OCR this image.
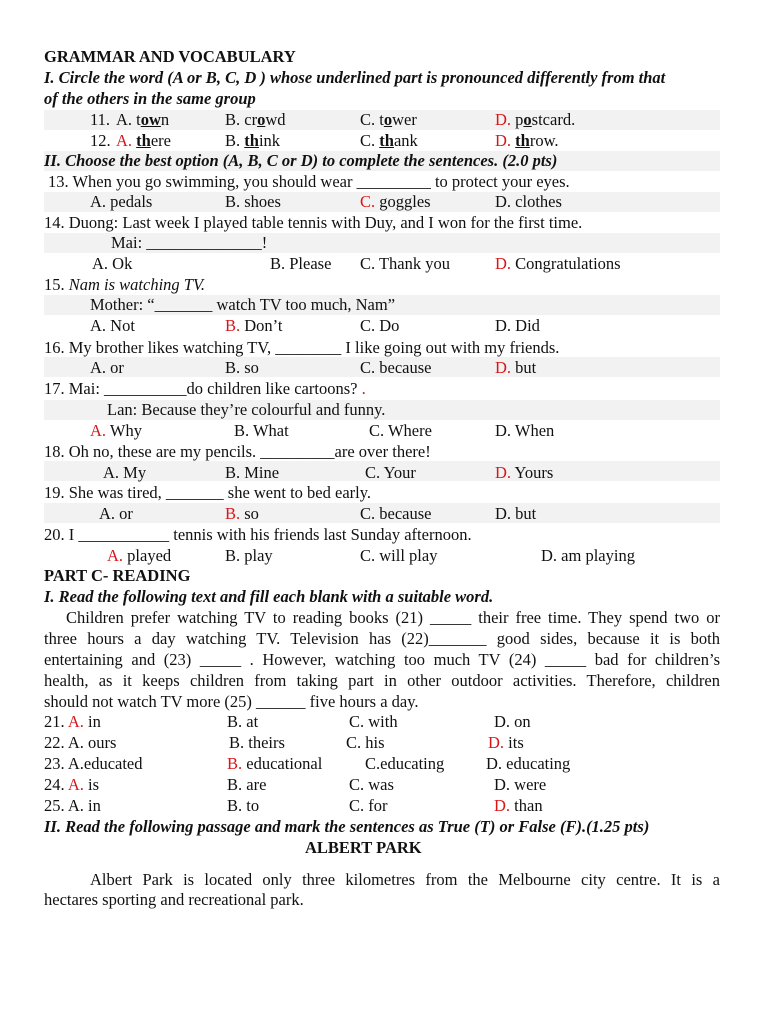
GRAMMAR AND VOCABULARY
I. Circle the word (A or B, C, D ) whose underlined part is pronounced differently from that
of the others in the same group
11. A. town	B. crowd	C. tower	D. postcard.
12. A. there	B. think	C. thank	D. throw.
II. Choose the best option (A, B, C or D) to complete the sentences. (2.0 pts)
13. When you go swimming, you should wear _________ to protect your eyes.
A. pedals	B. shoes	C. goggles	D. clothes
14. Duong: Last week I played table tennis with Duy, and I won for the first time.
Mai: ______________!
A. Ok	B. Please C. Thank you	D. Congratulations
15. Nam is watching TV.
Mother: “_______ watch TV too much, Nam”
A. Not	B. Don’t	C. Do	D. Did
16. My brother likes watching TV, ________ I like going out with my friends.
A. or	B. so	C. because	D. but
17. Mai: __________do children like cartoons? .
Lan: Because they’re colourful and funny.
A. Why	B. What	C. Where	D. When
18. Oh no, these are my pencils. _________are over there!
A. My	B. Mine	C. Your	D. Yours
19. She was tired, _______ she went to bed early.
A. or	B. so	C. because	D. but
20. I ___________ tennis with his friends last Sunday afternoon.
A. played	B. play	C. will play	D. am playing
PART C- READING
I. Read the following text and fill each blank with a suitable word.
Children prefer watching TV to reading books (21) _____ their free time. They spend two or
three hours a day watching TV. Television has (22)_______ good sides, because it is both
entertaining and (23) _____ . However, watching too much TV (24) _____ bad for children’s
health, as it keeps children from taking part in other outdoor activities. Therefore, children
should not watch TV more (25) ______ five hours a day.
21. A. in	B. at	C. with	D. on
22. A. ours	B. theirs	C. his	D. its
23. A.educated	B. educational	C.educating	D. educating
24. A. is	B. are	C. was	D. were
25. A. in	B. to	C. for	D. than
II. Read the following passage and mark the sentences as True (T) or False (F).(1.25 pts)
ALBERT PARK
Albert Park is located only three kilometres from the Melbourne city centre. It is a
hectares sporting and recreational park.
